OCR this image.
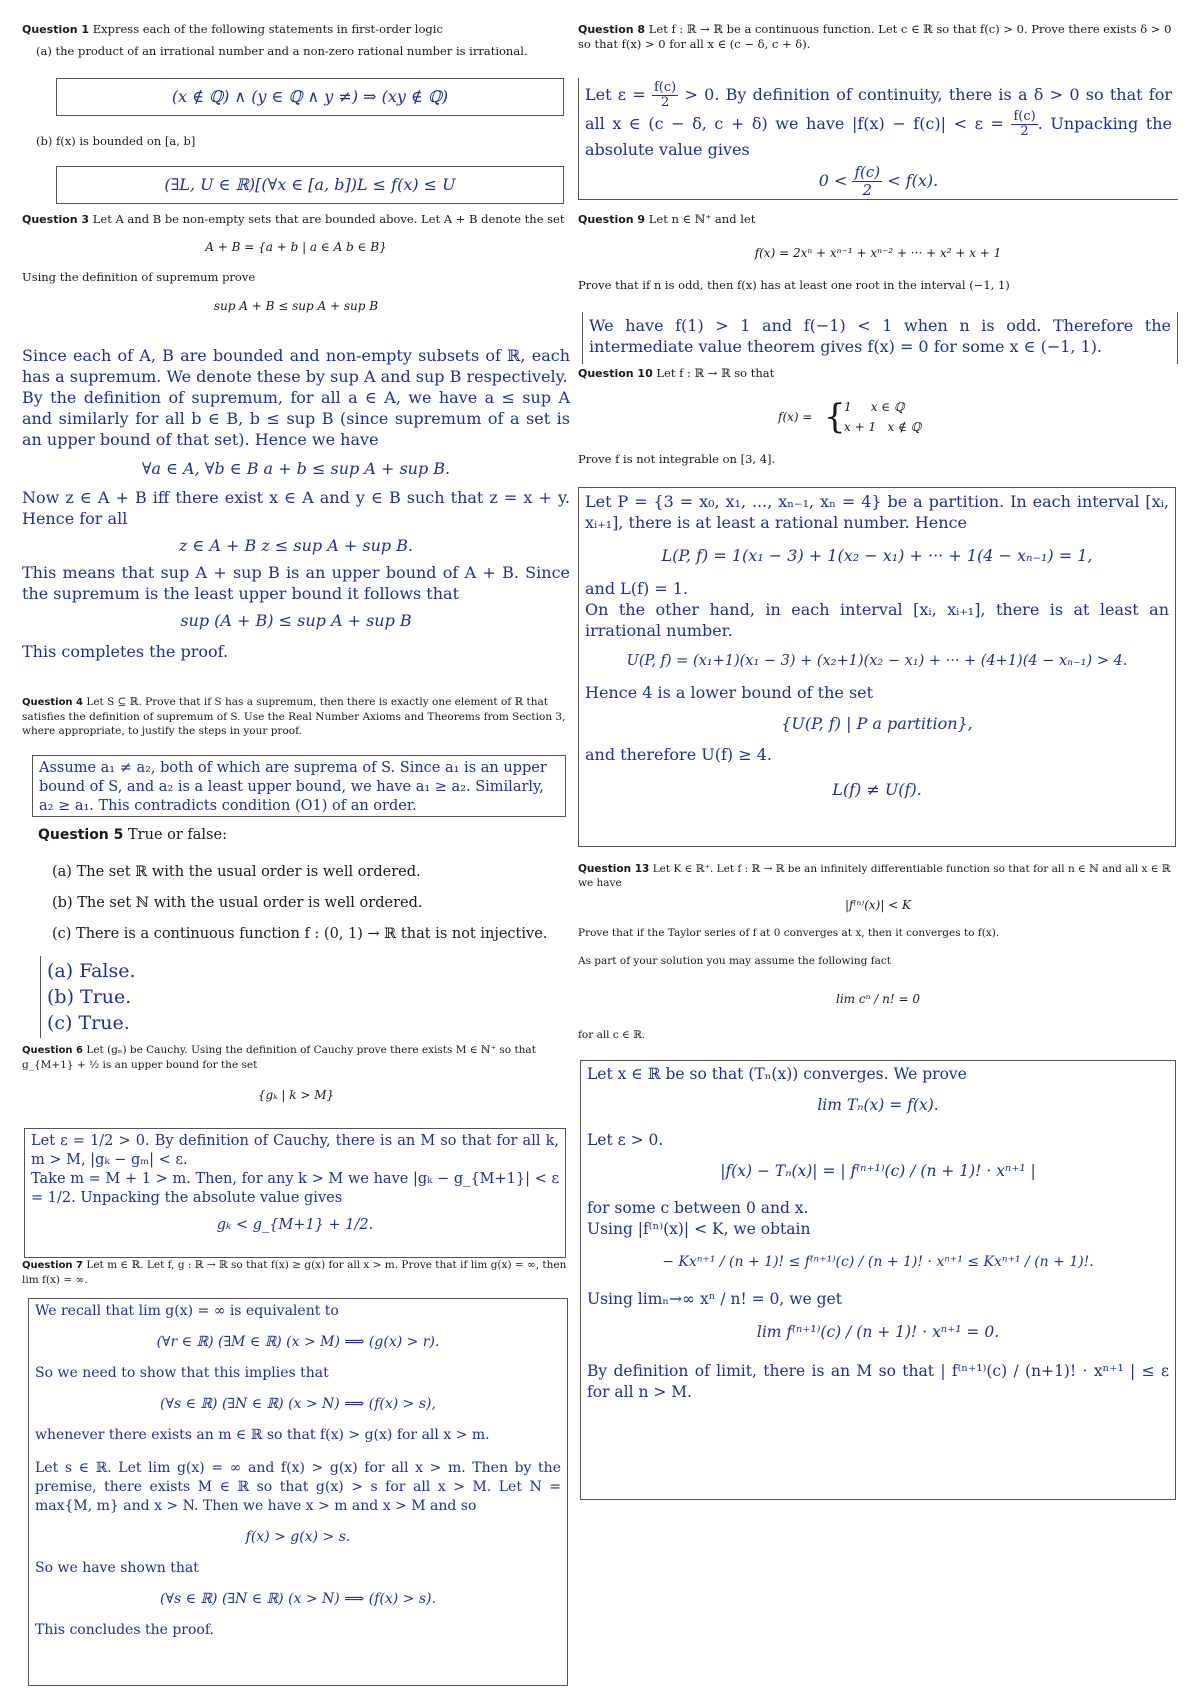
Question 1 Express each of the following statements in first-order logic
(a) the product of an irrational number and a non-zero rational number is irrational.
(x ∉ ℚ) ∧ (y ∈ ℚ ∧ y ≠) ⇒ (xy ∉ ℚ)
(b) f(x) is bounded on [a, b]
(∃L, U ∈ ℝ)[(∀x ∈ [a, b])L ≤ f(x) ≤ U
Question 3 Let A and B be non-empty sets that are bounded above. Let A + B denote the set
A + B = {a + b | a ∈ A b ∈ B}
Using the definition of supremum prove
sup A + B ≤ sup A + sup B

Since each of A, B are bounded and non-empty subsets of ℝ, each has a supremum. We denote these by sup A and sup B respectively.

By the definition of supremum, for all a ∈ A, we have a ≤ sup A and similarly for all b ∈ B, b ≤ sup B (since supremum of a set is an upper bound of that set). Hence we have

∀a ∈ A, ∀b ∈ B a + b ≤ sup A + sup B.

Now z ∈ A + B iff there exist x ∈ A and y ∈ B such that z = x + y. Hence for all

z ∈ A + B z ≤ sup A + sup B.

This means that sup A + sup B is an upper bound of A + B. Since the supremum is the least upper bound it follows that

sup (A + B) ≤ sup A + sup B

This completes the proof.

Question 4 Let S ⊆ ℝ. Prove that if S has a supremum, then there is exactly one element of ℝ that satisfies the definition of supremum of S. Use the Real Number Axioms and Theorems from Section 3, where appropriate, to justify the steps in your proof.
Assume a₁ ≠ a₂, both of which are suprema of S. Since a₁ is an upper bound of S, and a₂ is a least upper bound, we have a₁ ≥ a₂. Similarly, a₂ ≥ a₁. This contradicts condition (O1) of an order.
Question 5 True or false:
(a) The set ℝ with the usual order is well ordered.
(b) The set ℕ with the usual order is well ordered.
(c) There is a continuous function f : (0, 1) → ℝ that is not injective.
(a) False.
(b) True.
(c) True.
Question 6 Let (gₙ) be Cauchy. Using the definition of Cauchy prove there exists M ∈ ℕ⁺ so that g_{M+1} + ½ is an upper bound for the set
{gₖ | k > M}
Let ε = 1/2 > 0. By definition of Cauchy, there is an M so that for all k, m > M, |gₖ − gₘ| < ε.
Take m = M + 1 > m. Then, for any k > M we have |gₖ − g_{M+1}| < ε = 1/2. Unpacking the absolute value gives
gₖ < g_{M+1} + 1/2.
Question 7 Let m ∈ ℝ. Let f, g : ℝ → ℝ so that f(x) ≥ g(x) for all x > m. Prove that if lim g(x) = ∞, then lim f(x) = ∞.
We recall that lim g(x) = ∞ is equivalent to
(∀r ∈ ℝ) (∃M ∈ ℝ) (x > M) ⟹ (g(x) > r).
So we need to show that this implies that
(∀s ∈ ℝ) (∃N ∈ ℝ) (x > N) ⟹ (f(x) > s),
whenever there exists an m ∈ ℝ so that f(x) > g(x) for all x > m.
Let s ∈ ℝ. Let lim g(x) = ∞ and f(x) > g(x) for all x > m. Then by the premise, there exists M ∈ ℝ so that g(x) > s for all x > M. Let N = max{M, m} and x > N. Then we have x > m and x > M and so
f(x) > g(x) > s.
So we have shown that
(∀s ∈ ℝ) (∃N ∈ ℝ) (x > N) ⟹ (f(x) > s).
This concludes the proof.
Question 8 Let f : ℝ → ℝ be a continuous function. Let c ∈ ℝ so that f(c) > 0. Prove there exists δ > 0 so that f(x) > 0 for all x ∈ (c − δ, c + δ).
Let $\varepsilon = \frac{f(c)}{2} > 0$. By definition of continuity, there is a δ > 0 so that for all x ∈ (c − δ, c + δ) we have $|f(x) - f(c)| < \varepsilon = \frac{f(c)}{2}$ . Unpacking the absolute value gives
$0 < \frac{f(c)}{2} < f(x)$.
Question 9 Let n ∈ ℕ⁺ and let
f(x) = 2xⁿ + xⁿ⁻¹ + xⁿ⁻² + ··· + x² + x + 1
Prove that if n is odd, then f(x) has at least one root in the interval (−1, 1)
We have f(1) > 1 and f(−1) < 1 when n is odd. Therefore the intermediate value theorem gives f(x) = 0 for some x ∈ (−1, 1).
Question 10 Let f : ℝ → ℝ so that
f(x) = {
1     x ∈ ℚ
x + 1   x ∉ ℚ
Prove f is not integrable on [3, 4].
Let P = {3 = x₀, x₁, ..., xₙ₋₁, xₙ = 4} be a partition. In each interval [xᵢ, xᵢ₊₁], there is at least a rational number. Hence
L(P, f) = 1(x₁ − 3) + 1(x₂ − x₁) + ··· + 1(4 − xₙ₋₁) = 1,
and L(f) = 1.
On the other hand, in each interval [xᵢ, xᵢ₊₁], there is at least an irrational number.
U(P, f) = (x₁+1)(x₁ − 3) + (x₂+1)(x₂ − x₁) + ··· + (4+1)(4 − xₙ₋₁) > 4.
Hence 4 is a lower bound of the set
{U(P, f) | P a partition},
and therefore U(f) ≥ 4.
L(f) ≠ U(f).
Question 13 Let K ∈ ℝ⁺. Let f : ℝ → ℝ be an infinitely differentiable function so that for all n ∈ ℕ and all x ∈ ℝ we have
|f⁽ⁿ⁾(x)| < K
Prove that if the Taylor series of f at 0 converges at x, then it converges to f(x).
As part of your solution you may assume the following fact
lim cⁿ / n! = 0
for all c ∈ ℝ.
Let x ∈ ℝ be so that (Tₙ(x)) converges. We prove
lim Tₙ(x) = f(x).
Let ε > 0.
|f(x) − Tₙ(x)| = | f⁽ⁿ⁺¹⁾(c) / (n + 1)! · xⁿ⁺¹ |
for some c between 0 and x.
Using |f⁽ⁿ⁾(x)| < K, we obtain
− Kxⁿ⁺¹ / (n + 1)! ≤ f⁽ⁿ⁺¹⁾(c) / (n + 1)! · xⁿ⁺¹ ≤ Kxⁿ⁺¹ / (n + 1)!.
Using limₙ→∞ xⁿ / n! = 0, we get
lim f⁽ⁿ⁺¹⁾(c) / (n + 1)! · xⁿ⁺¹ = 0.
By definition of limit, there is an M so that | f⁽ⁿ⁺¹⁾(c) / (n+1)! · xⁿ⁺¹ | ≤ ε for all n > M.
